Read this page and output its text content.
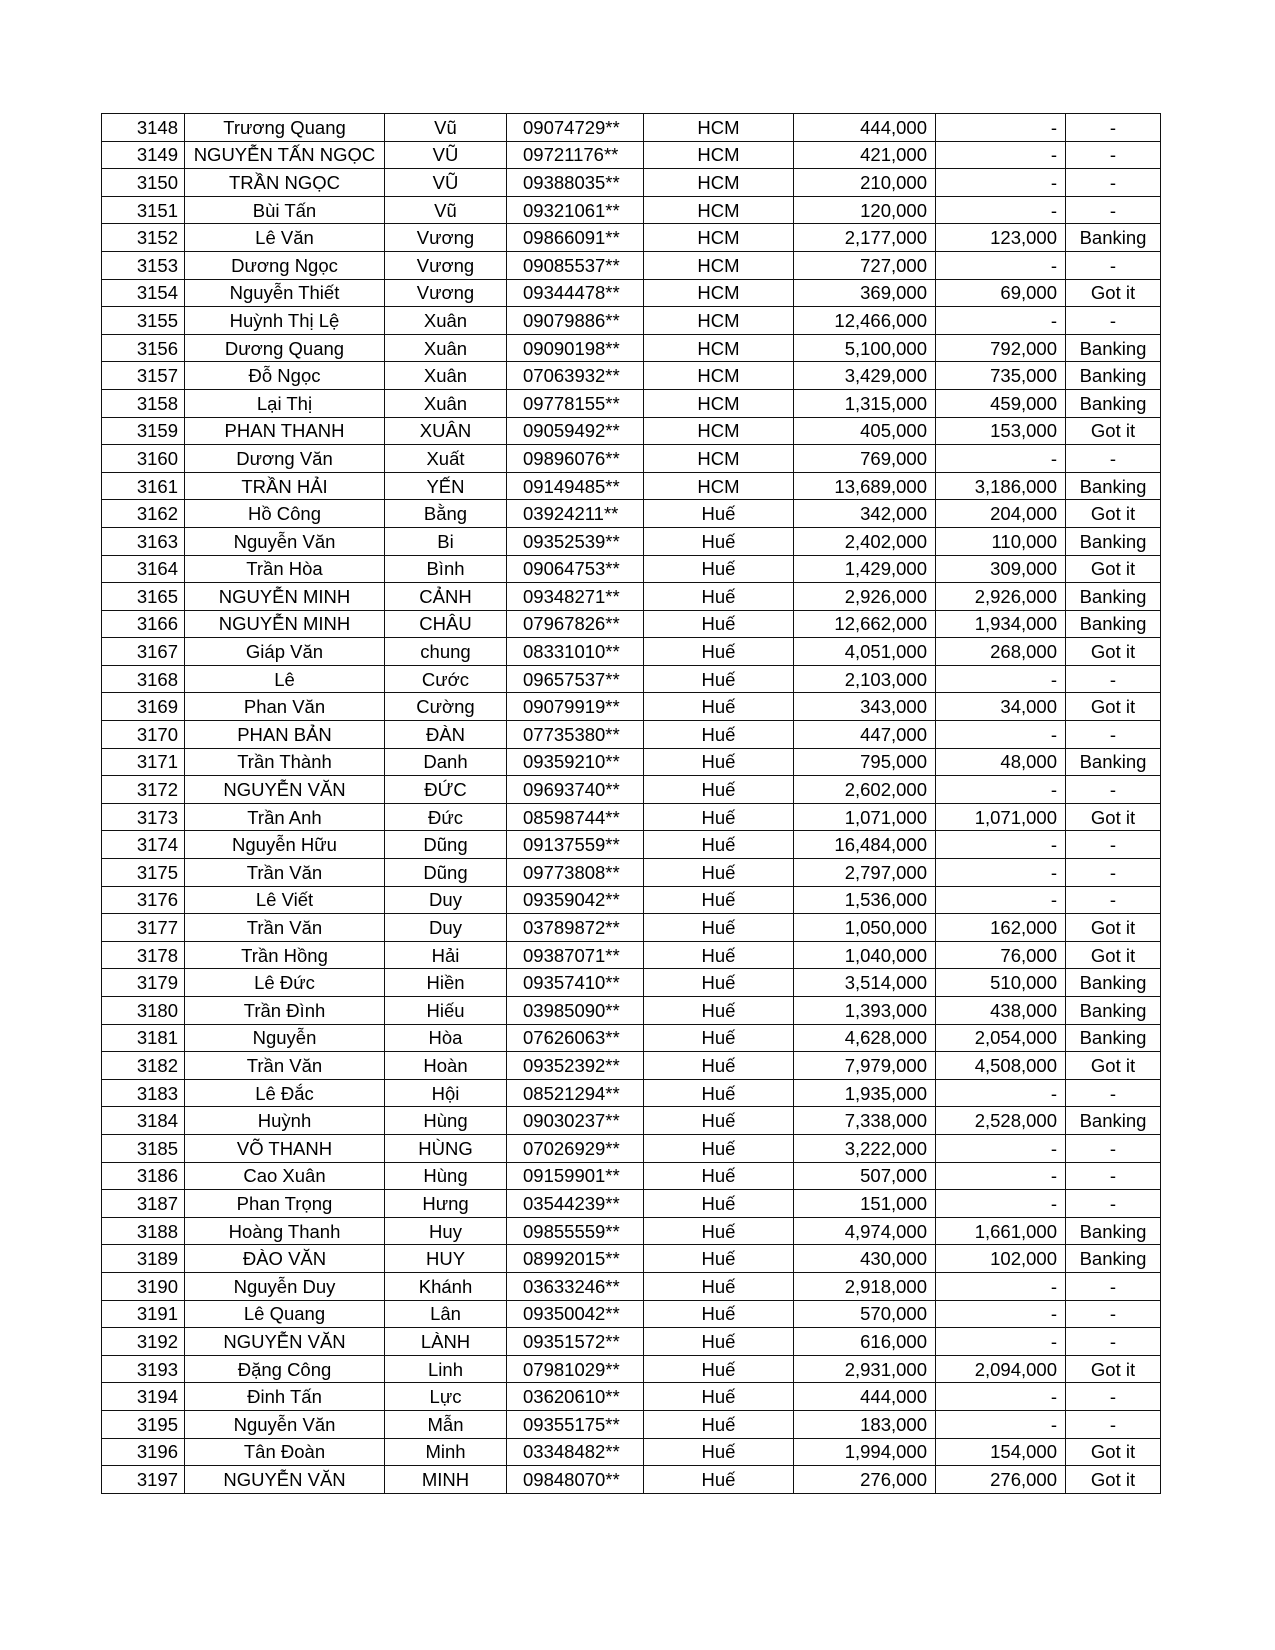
3148	Trương Quang	Vũ	09074729**	HCM	444,000	-	-
3149	NGUYỄN TẤN NGỌC	VŨ	09721176**	HCM	421,000	-	-
3150	TRẦN NGỌC	VŨ	09388035**	HCM	210,000	-	-
3151	Bùi Tấn	Vũ	09321061**	HCM	120,000	-	-
3152	Lê Văn	Vương	09866091**	HCM	2,177,000	123,000	Banking
3153	Dương Ngọc	Vương	09085537**	HCM	727,000	-	-
3154	Nguyễn Thiết	Vương	09344478**	HCM	369,000	69,000	Got it
3155	Huỳnh Thị Lệ	Xuân	09079886**	HCM	12,466,000	-	-
3156	Dương Quang	Xuân	09090198**	HCM	5,100,000	792,000	Banking
3157	Đỗ Ngọc	Xuân	07063932**	HCM	3,429,000	735,000	Banking
3158	Lại Thị	Xuân	09778155**	HCM	1,315,000	459,000	Banking
3159	PHAN THANH	XUÂN	09059492**	HCM	405,000	153,000	Got it
3160	Dương Văn	Xuất	09896076**	HCM	769,000	-	-
3161	TRẦN HẢI	YẾN	09149485**	HCM	13,689,000	3,186,000	Banking
3162	Hồ Công	Bằng	03924211**	Huế	342,000	204,000	Got it
3163	Nguyễn Văn	Bi	09352539**	Huế	2,402,000	110,000	Banking
3164	Trần Hòa	Bình	09064753**	Huế	1,429,000	309,000	Got it
3165	NGUYỄN MINH	CẢNH	09348271**	Huế	2,926,000	2,926,000	Banking
3166	NGUYỄN MINH	CHÂU	07967826**	Huế	12,662,000	1,934,000	Banking
3167	Giáp Văn	chung	08331010**	Huế	4,051,000	268,000	Got it
3168	Lê	Cước	09657537**	Huế	2,103,000	-	-
3169	Phan Văn	Cường	09079919**	Huế	343,000	34,000	Got it
3170	PHAN BẢN	ĐÀN	07735380**	Huế	447,000	-	-
3171	Trần Thành	Danh	09359210**	Huế	795,000	48,000	Banking
3172	NGUYỄN VĂN	ĐỨC	09693740**	Huế	2,602,000	-	-
3173	Trần Anh	Đức	08598744**	Huế	1,071,000	1,071,000	Got it
3174	Nguyễn Hữu	Dũng	09137559**	Huế	16,484,000	-	-
3175	Trần Văn	Dũng	09773808**	Huế	2,797,000	-	-
3176	Lê Viết	Duy	09359042**	Huế	1,536,000	-	-
3177	Trần Văn	Duy	03789872**	Huế	1,050,000	162,000	Got it
3178	Trần Hồng	Hải	09387071**	Huế	1,040,000	76,000	Got it
3179	Lê Đức	Hiền	09357410**	Huế	3,514,000	510,000	Banking
3180	Trần Đình	Hiếu	03985090**	Huế	1,393,000	438,000	Banking
3181	Nguyễn	Hòa	07626063**	Huế	4,628,000	2,054,000	Banking
3182	Trần Văn	Hoàn	09352392**	Huế	7,979,000	4,508,000	Got it
3183	Lê Đắc	Hội	08521294**	Huế	1,935,000	-	-
3184	Huỳnh	Hùng	09030237**	Huế	7,338,000	2,528,000	Banking
3185	VÕ THANH	HÙNG	07026929**	Huế	3,222,000	-	-
3186	Cao Xuân	Hùng	09159901**	Huế	507,000	-	-
3187	Phan Trọng	Hưng	03544239**	Huế	151,000	-	-
3188	Hoàng Thanh	Huy	09855559**	Huế	4,974,000	1,661,000	Banking
3189	ĐÀO VĂN	HUY	08992015**	Huế	430,000	102,000	Banking
3190	Nguyễn Duy	Khánh	03633246**	Huế	2,918,000	-	-
3191	Lê Quang	Lân	09350042**	Huế	570,000	-	-
3192	NGUYỄN VĂN	LÀNH	09351572**	Huế	616,000	-	-
3193	Đặng Công	Linh	07981029**	Huế	2,931,000	2,094,000	Got it
3194	Đinh Tấn	Lực	03620610**	Huế	444,000	-	-
3195	Nguyễn Văn	Mẫn	09355175**	Huế	183,000	-	-
3196	Tân Đoàn	Minh	03348482**	Huế	1,994,000	154,000	Got it
3197	NGUYỄN VĂN	MINH	09848070**	Huế	276,000	276,000	Got it
